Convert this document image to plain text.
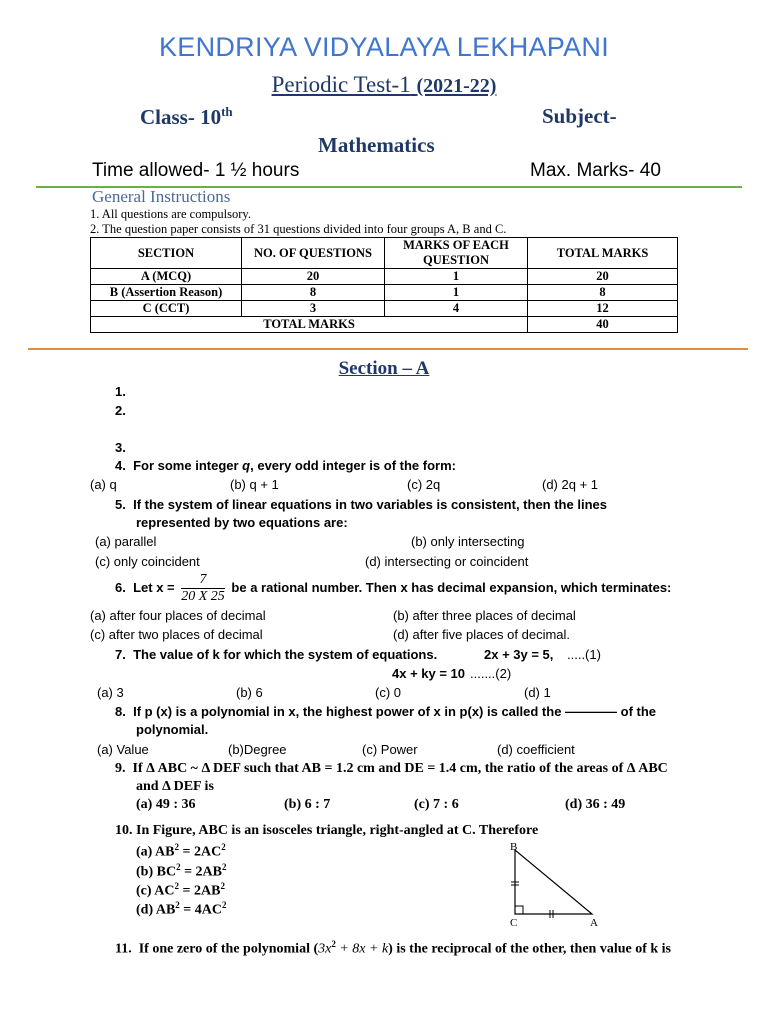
KENDRIYA VIDYALAYA LEKHAPANI
Periodic Test-1 (2021-22)
Class- 10th	Subject-
Mathematics
Time allowed- 1 ½ hours	Max. Marks- 40
General Instructions
1. All questions are compulsory.
2. The question paper consists of 31 questions divided into four groups A, B and C.
SECTION	NO. OF QUESTIONS	MARKS OF EACH QUESTION	TOTAL MARKS
A (MCQ)	20	1	20
B (Assertion Reason)	8	1	8
C (CCT)	3	4	12
TOTAL MARKS			40
Section – A
1.
2.
3.
4. For some integer q, every odd integer is of the form:
(a) q	(b) q + 1	(c) 2q	(d) 2q + 1
5. If the system of linear equations in two variables is consistent, then the lines
represented by two equations are:
(a) parallel	(b) only intersecting
(c) only coincident	(d) intersecting or coincident
6. Let $x = \frac{7}{20 X 25}$ be a rational number. Then x has decimal expansion, which terminates:
(a) after four places of decimal	(b) after three places of decimal
(c) after two places of decimal	(d) after five places of decimal.
7. The value of k for which the system of equations.	2x + 3y = 5, .....(1)
4x + ky = 10 .......(2)
(a) 3	(b) 6	(c) 0	(d) 1
8. If p (x) is a polynomial in x, the highest power of x in p(x) is called the ———— of the
polynomial.
(a) Value	(b)Degree	(c) Power	(d) coefficient
9. If Δ ABC ~ Δ DEF such that AB = 1.2 cm and DE = 1.4 cm, the ratio of the areas of Δ ABC
and Δ DEF is
(a) 49 : 36	(b) 6 : 7	(c) 7 : 6	(d) 36 : 49
10. In Figure, ABC is an isosceles triangle, right-angled at C. Therefore
(a) $AB^2 = 2AC^2$
(b) $BC^2 = 2AB^2$
(c) $AC^2 = 2AB^2$
(d) $AB^2 = 4AC^2$
B
C	A
11. If one zero of the polynomial $(3x^2 + 8x + k)$ is the reciprocal of the other, then value of k is
